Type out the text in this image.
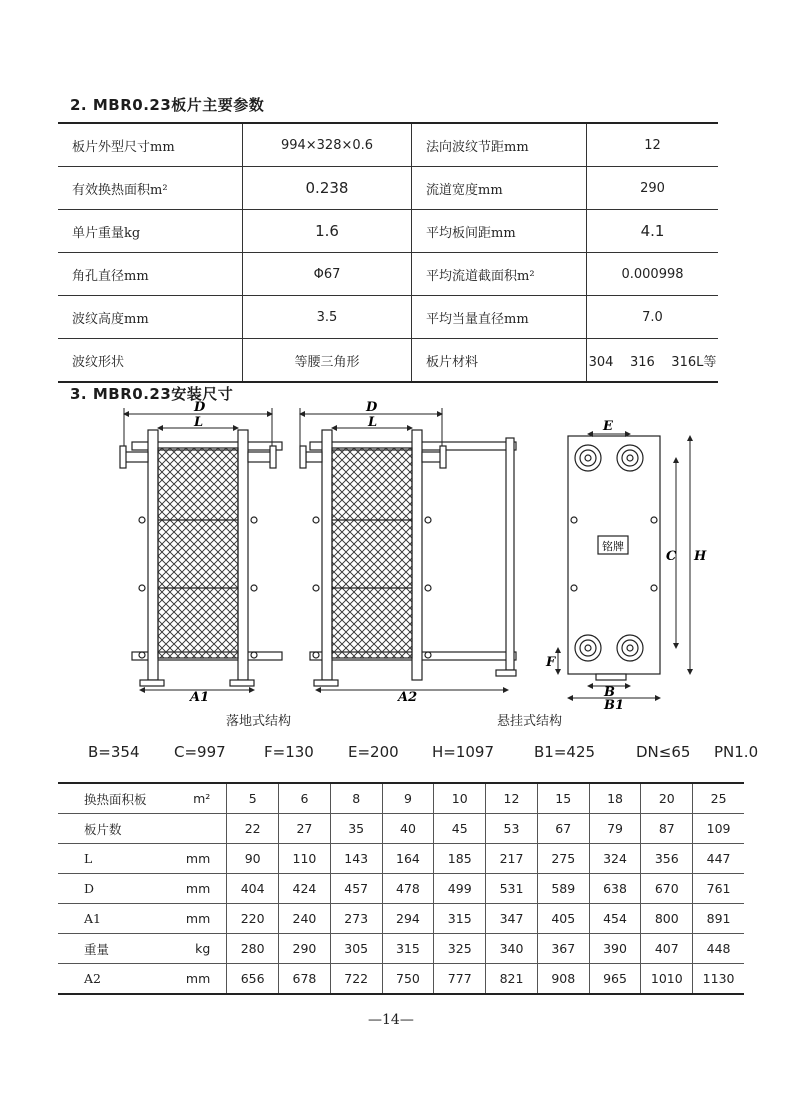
2. MBR0.23板片主要参数
板片外型尺寸mm	994×328×0.6	法向波纹节距mm	12
有效换热面积m²	0.238	流道宽度mm	290
单片重量kg	1.6	平均板间距mm	4.1
角孔直径mm	Φ67	平均流道截面积m²	0.000998
波纹高度mm	3.5	平均当量直径mm	7.0
波纹形状	等腰三角形	板片材料	304    316    316L等
3. MBR0.23安装尺寸
D
L
A1
D
L
A2
铭牌
E
C H
F
B
B1
落地式结构	悬挂式结构
B=354 C=997	F=130 E=200 H=1097	B1=425	DN≤65 PN1.0
换热面积板	m²	5	6	8	9	10	12	15	18	20	25
板片数		22	27	35	40	45	53	67	79	87	109
L	mm	90	110	143	164	185	217	275	324	356	447
D	mm	404	424	457	478	499	531	589	638	670	761
A1	mm	220	240	273	294	315	347	405	454	800	891
重量	kg	280	290	305	315	325	340	367	390	407	448
A2	mm	656	678	722	750	777	821	908	965	1010	1130
—14—
